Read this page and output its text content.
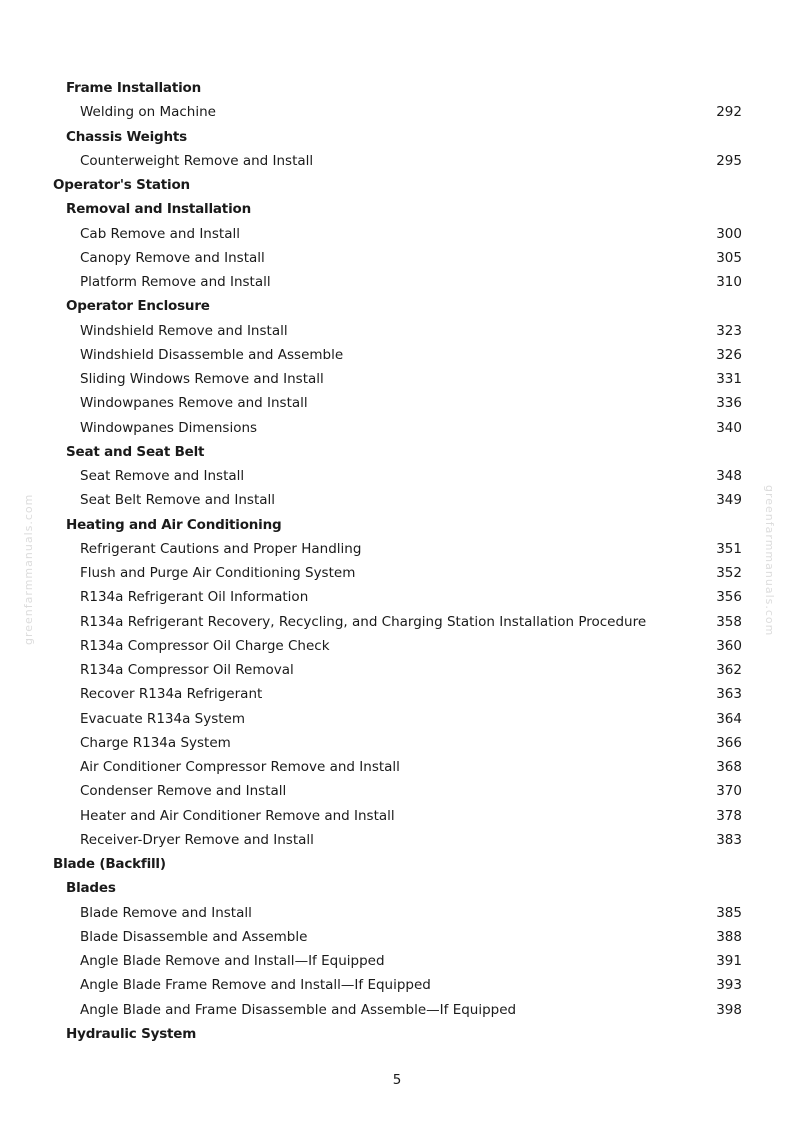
Frame Installation
Welding on Machine	292
Chassis Weights
Counterweight Remove and Install	295
Operator's Station
Removal and Installation
Cab Remove and Install	300
Canopy Remove and Install	305
Platform Remove and Install	310
Operator Enclosure
Windshield Remove and Install	323
Windshield Disassemble and Assemble	326
Sliding Windows Remove and Install	331
Windowpanes Remove and Install	336
Windowpanes Dimensions	340
Seat and Seat Belt
Seat Remove and Install	348
Seat Belt Remove and Install	349
Heating and Air Conditioning
Refrigerant Cautions and Proper Handling	351
Flush and Purge Air Conditioning System	352
R134a Refrigerant Oil Information	356
R134a Refrigerant Recovery, Recycling, and Charging Station Installation Procedure	358
R134a Compressor Oil Charge Check	360
R134a Compressor Oil Removal	362
Recover R134a Refrigerant	363
Evacuate R134a System	364
Charge R134a System	366
Air Conditioner Compressor Remove and Install	368
Condenser Remove and Install	370
Heater and Air Conditioner Remove and Install	378
Receiver-Dryer Remove and Install	383
Blade (Backfill)
Blades
Blade Remove and Install	385
Blade Disassemble and Assemble	388
Angle Blade Remove and Install—If Equipped	391
Angle Blade Frame Remove and Install—If Equipped	393
Angle Blade and Frame Disassemble and Assemble—If Equipped	398
Hydraulic System
greenfarmmanuals.com	greenfarmmanuals.com
5
